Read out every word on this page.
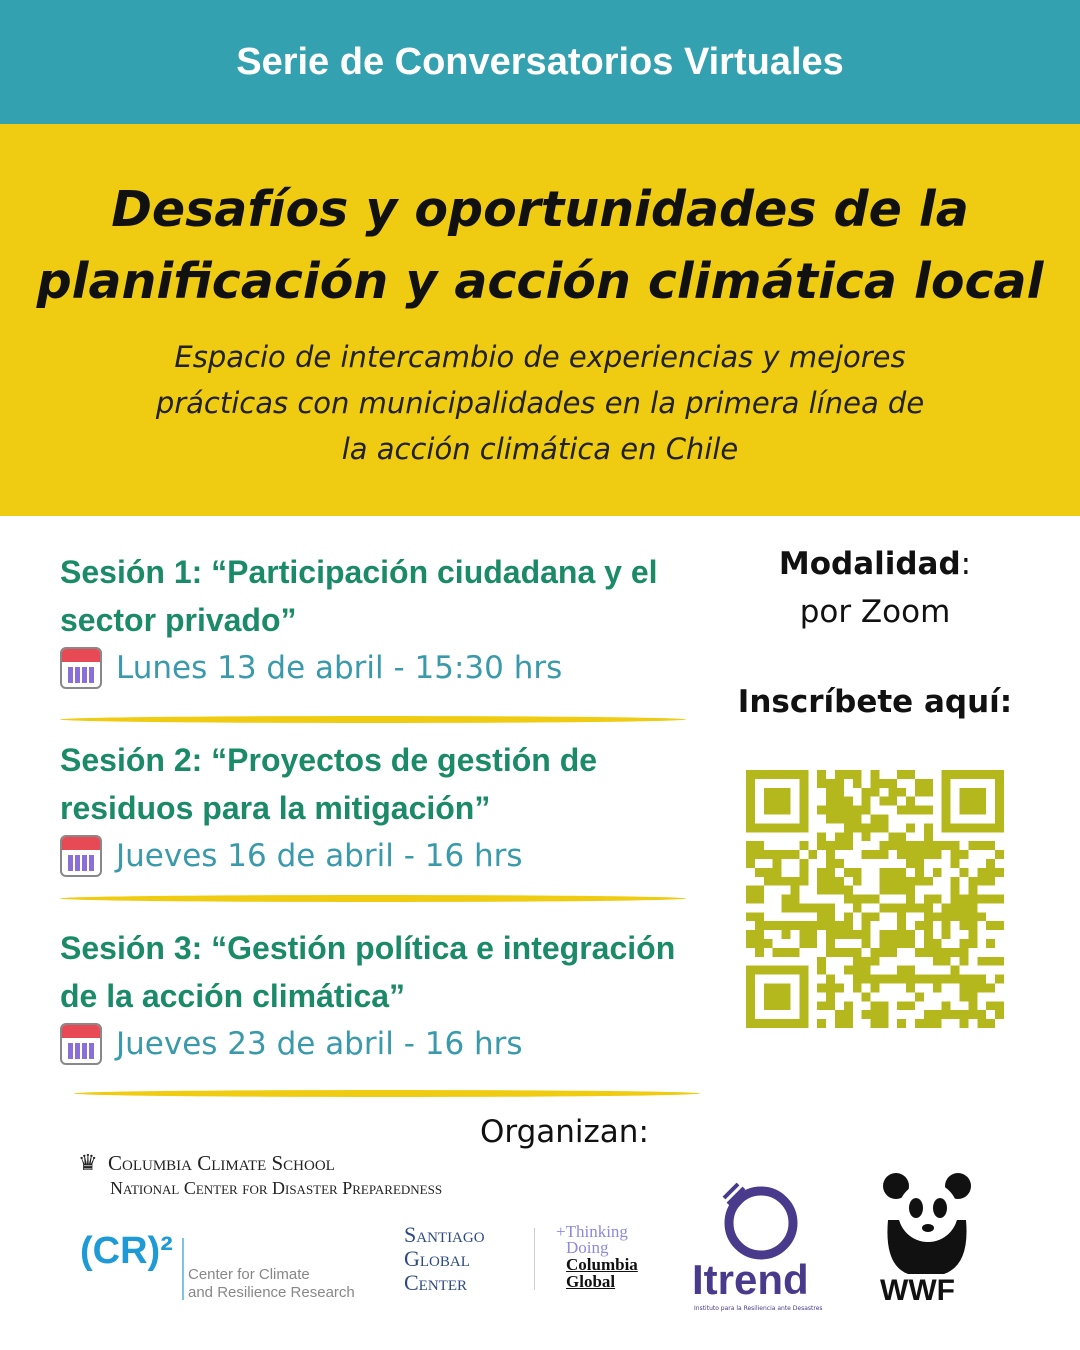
Serie de Conversatorios Virtuales
Desafíos y oportunidades de la
planificación y acción climática local
Espacio de intercambio de experiencias y mejores
prácticas con municipalidades en la primera línea de
la acción climática en Chile
Sesión 1: “Participación ciudadana y el sector privado”
Lunes 13 de abril - 15:30 hrs
Sesión 2: “Proyectos de gestión de residuos para la mitigación”
Jueves 16 de abril - 16 hrs
Sesión 3: “Gestión política e integración de la acción climática”
Jueves 23 de abril - 16 hrs
Modalidad:
por Zoom
Inscríbete aquí:
Organizan:
♛ Columbia Climate School
National Center for Disaster Preparedness
(CR)²
Center for Climate
and Resilience Research
Santiago
Global
Center
+Thinking
Doing
Columbia
Global Itrend
Instituto para la Resiliencia ante Desastres
WWF
